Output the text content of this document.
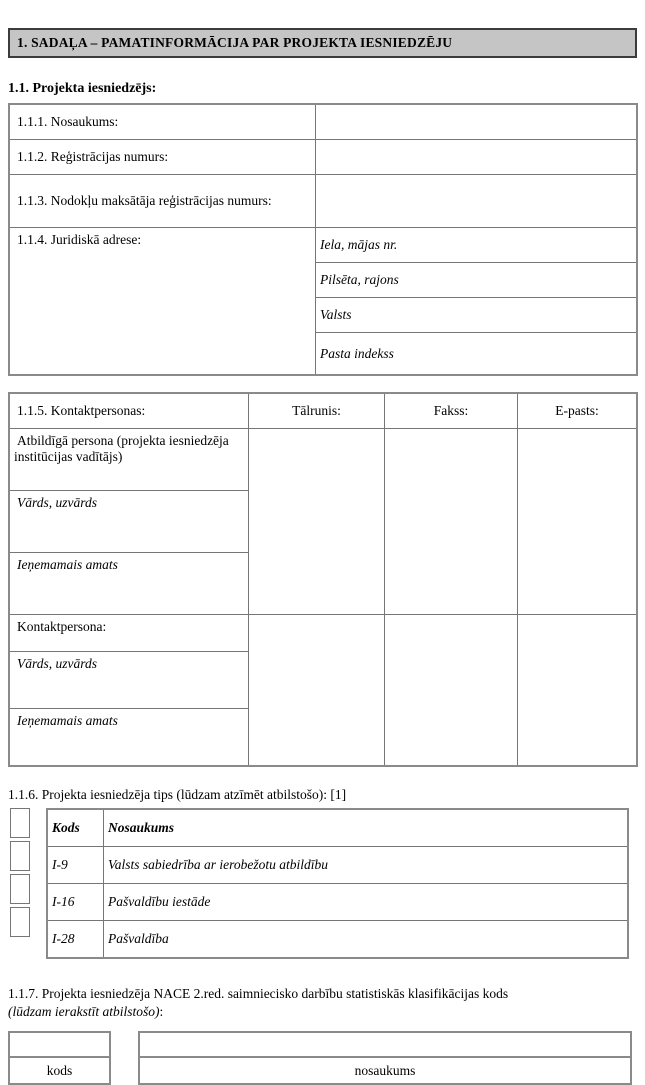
1. SADAĻA – PAMATINFORMĀCIJA PAR PROJEKTA IESNIEDZĒJU
1.1. Projekta iesniedzējs:
1.1.1. Nosaukums:	
1.1.2. Reģistrācijas numurs:	
1.1.3. Nodokļu maksātāja reģistrācijas numurs:	
1.1.4. Juridiskā adrese:	Iela, mājas nr.
	Pilsēta, rajons
	Valsts
	Pasta indekss
1.1.5. Kontaktpersonas:	Tālrunis:	Fakss:	E-pasts:
Atbildīgā persona (projekta iesniedzēja institūcijas vadītājs)			
Vārds, uzvārds			
Ieņemamais amats			
Kontaktpersona:			
Vārds, uzvārds			
Ieņemamais amats			
1.1.6. Projekta iesniedzēja tips (lūdzam atzīmēt atbilstošo): [1]
Kods	Nosaukums
I-9	Valsts sabiedrība ar ierobežotu atbildību
I-16	Pašvaldību iestāde
I-28	Pašvaldība
1.1.7. Projekta iesniedzēja NACE 2.red. saimniecisko darbību statistiskās klasifikācijas kods (lūdzam ierakstīt atbilstošo):

kods	nosaukums
